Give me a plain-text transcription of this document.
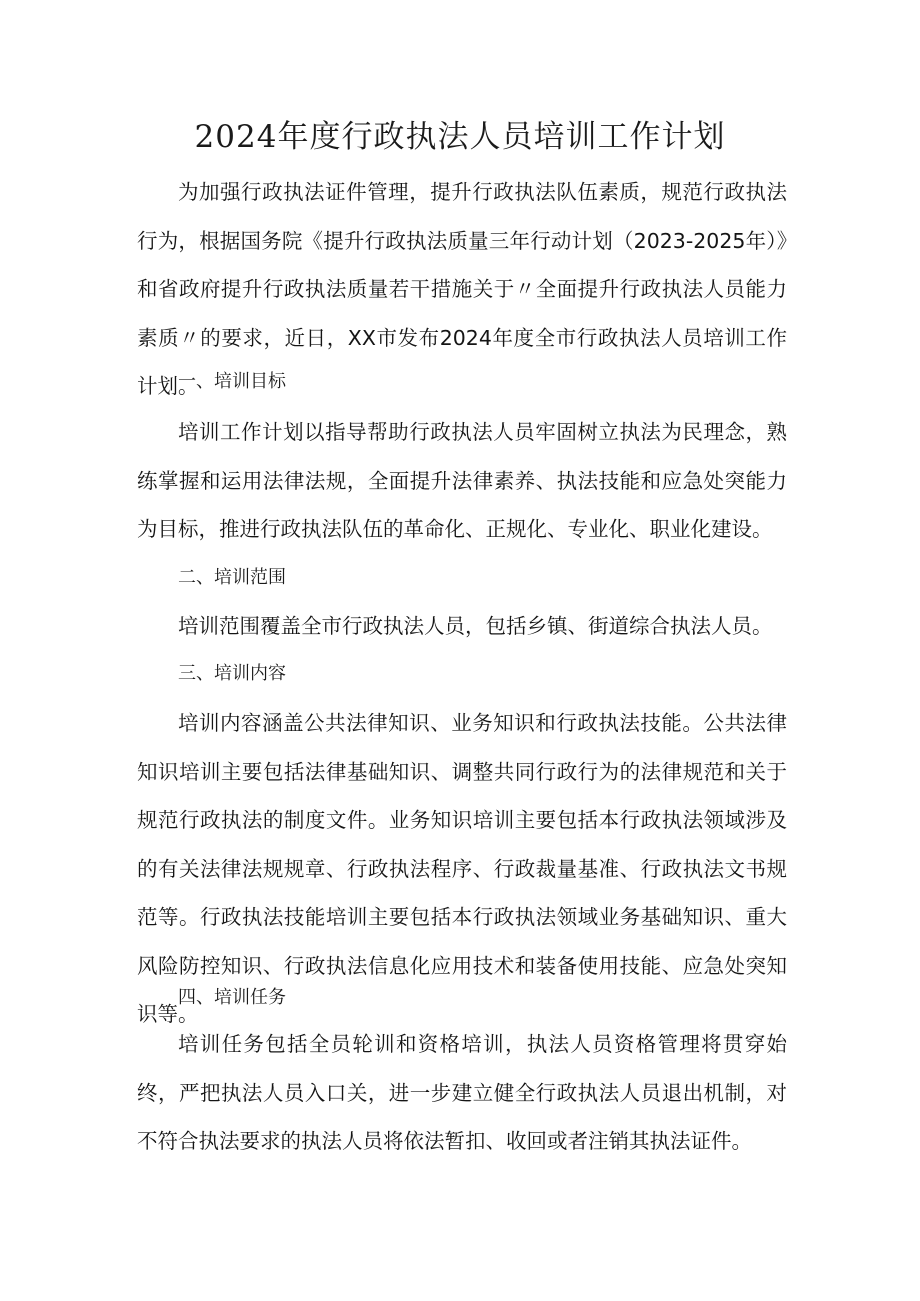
2024年度行政执法人员培训工作计划

为加强行政执法证件管理，提升行政执法队伍素质，规范行政执法行为，根据国务院《提升行政执法质量三年行动计划（2023-2025年）》和省政府提升行政执法质量若干措施关于〃全面提升行政执法人员能力素质〃的要求，近日，XX市发布2024年度全市行政执法人员培训工作计划。

一、培训目标

培训工作计划以指导帮助行政执法人员牢固树立执法为民理念，熟练掌握和运用法律法规，全面提升法律素养、执法技能和应急处突能力为目标，推进行政执法队伍的革命化、正规化、专业化、职业化建设。

二、培训范围

培训范围覆盖全市行政执法人员，包括乡镇、街道综合执法人员。

三、培训内容

培训内容涵盖公共法律知识、业务知识和行政执法技能。公共法律知识培训主要包括法律基础知识、调整共同行政行为的法律规范和关于规范行政执法的制度文件。业务知识培训主要包括本行政执法领域涉及的有关法律法规规章、行政执法程序、行政裁量基准、行政执法文书规范等。行政执法技能培训主要包括本行政执法领域业务基础知识、重大风险防控知识、行政执法信息化应用技术和装备使用技能、应急处突知识等。

四、培训任务

培训任务包括全员轮训和资格培训，执法人员资格管理将贯穿始终，严把执法人员入口关，进一步建立健全行政执法人员退出机制，对不符合执法要求的执法人员将依法暂扣、收回或者注销其执法证件。
